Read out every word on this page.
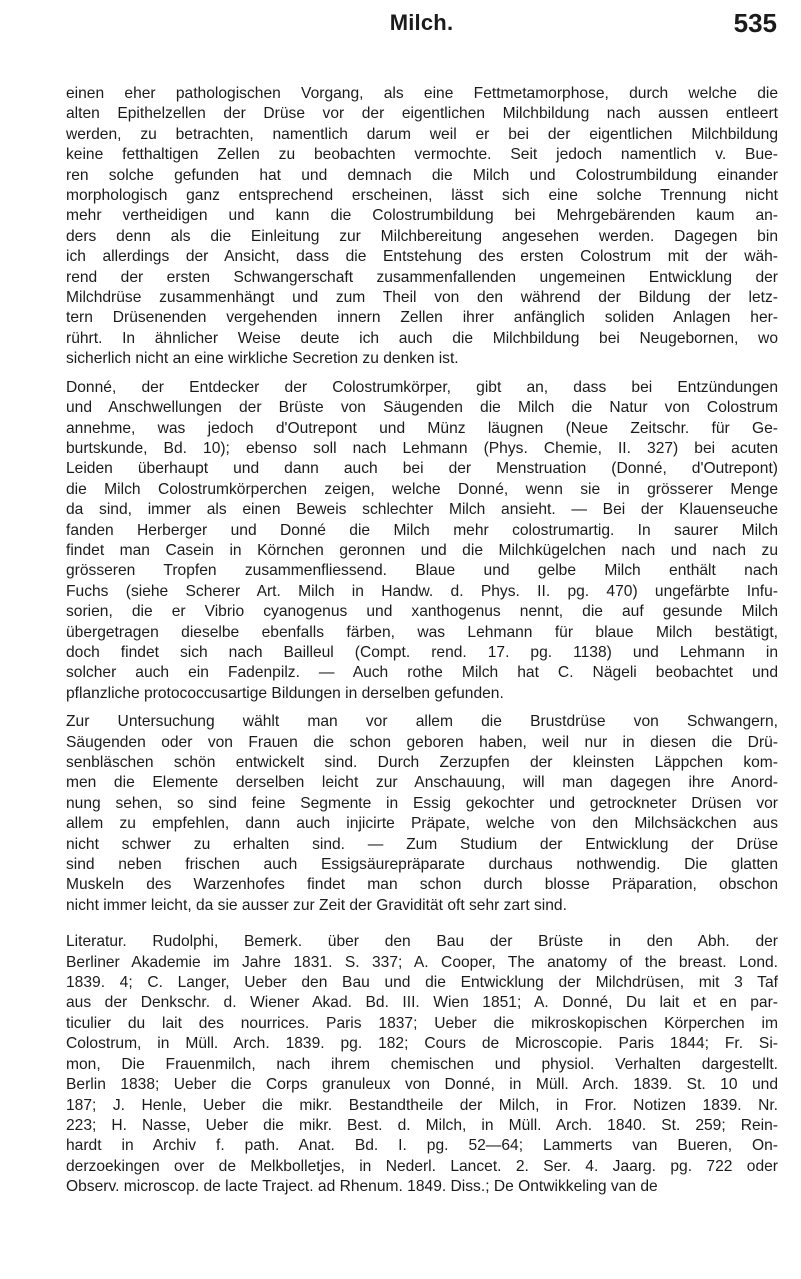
Milch.	535
einen eher pathologischen Vorgang, als eine Fettmetamorphose, durch welche die
alten Epithelzellen der Drüse vor der eigentlichen Milchbildung nach aussen entleert
werden, zu betrachten, namentlich darum weil er bei der eigentlichen Milchbildung
keine fetthaltigen Zellen zu beobachten vermochte. Seit jedoch namentlich v. Bue-
ren solche gefunden hat und demnach die Milch und Colostrumbildung einander
morphologisch ganz entsprechend erscheinen, lässt sich eine solche Trennung nicht
mehr vertheidigen und kann die Colostrumbildung bei Mehrgebärenden kaum an-
ders denn als die Einleitung zur Milchbereitung angesehen werden. Dagegen bin
ich allerdings der Ansicht, dass die Entstehung des ersten Colostrum mit der wäh-
rend der ersten Schwangerschaft zusammenfallenden ungemeinen Entwicklung der
Milchdrüse zusammenhängt und zum Theil von den während der Bildung der letz-
tern Drüsenenden vergehenden innern Zellen ihrer anfänglich soliden Anlagen her-
rührt. In ähnlicher Weise deute ich auch die Milchbildung bei Neugebornen, wo
sicherlich nicht an eine wirkliche Secretion zu denken ist.
Donné, der Entdecker der Colostrumkörper, gibt an, dass bei Entzündungen
und Anschwellungen der Brüste von Säugenden die Milch die Natur von Colostrum
annehme, was jedoch d'Outrepont und Münz läugnen (Neue Zeitschr. für Ge-
burtskunde, Bd. 10); ebenso soll nach Lehmann (Phys. Chemie, II. 327) bei acuten
Leiden überhaupt und dann auch bei der Menstruation (Donné, d'Outrepont)
die Milch Colostrumkörperchen zeigen, welche Donné, wenn sie in grösserer Menge
da sind, immer als einen Beweis schlechter Milch ansieht. — Bei der Klauenseuche
fanden Herberger und Donné die Milch mehr colostrumartig. In saurer Milch
findet man Casein in Körnchen geronnen und die Milchkügelchen nach und nach zu
grösseren Tropfen zusammenfliessend. Blaue und gelbe Milch enthält nach
Fuchs (siehe Scherer Art. Milch in Handw. d. Phys. II. pg. 470) ungefärbte Infu-
sorien, die er Vibrio cyanogenus und xanthogenus nennt, die auf gesunde Milch
übergetragen dieselbe ebenfalls färben, was Lehmann für blaue Milch bestätigt,
doch findet sich nach Bailleul (Compt. rend. 17. pg. 1138) und Lehmann in
solcher auch ein Fadenpilz. — Auch rothe Milch hat C. Nägeli beobachtet und
pflanzliche protococcusartige Bildungen in derselben gefunden.
Zur Untersuchung wählt man vor allem die Brustdrüse von Schwangern,
Säugenden oder von Frauen die schon geboren haben, weil nur in diesen die Drü-
senbläschen schön entwickelt sind. Durch Zerzupfen der kleinsten Läppchen kom-
men die Elemente derselben leicht zur Anschauung, will man dagegen ihre Anord-
nung sehen, so sind feine Segmente in Essig gekochter und getrockneter Drüsen vor
allem zu empfehlen, dann auch injicirte Präpate, welche von den Milchsäckchen aus
nicht schwer zu erhalten sind. — Zum Studium der Entwicklung der Drüse
sind neben frischen auch Essigsäurepräparate durchaus nothwendig. Die glatten
Muskeln des Warzenhofes findet man schon durch blosse Präparation, obschon
nicht immer leicht, da sie ausser zur Zeit der Gravidität oft sehr zart sind.
Literatur. Rudolphi, Bemerk. über den Bau der Brüste in den Abh. der
Berliner Akademie im Jahre 1831. S. 337; A. Cooper, The anatomy of the breast. Lond.
1839. 4; C. Langer, Ueber den Bau und die Entwicklung der Milchdrüsen, mit 3 Taf
aus der Denkschr. d. Wiener Akad. Bd. III. Wien 1851; A. Donné, Du lait et en par-
ticulier du lait des nourrices. Paris 1837; Ueber die mikroskopischen Körperchen im
Colostrum, in Müll. Arch. 1839. pg. 182; Cours de Microscopie. Paris 1844; Fr. Si-
mon, Die Frauenmilch, nach ihrem chemischen und physiol. Verhalten dargestellt.
Berlin 1838; Ueber die Corps granuleux von Donné, in Müll. Arch. 1839. St. 10 und
187; J. Henle, Ueber die mikr. Bestandtheile der Milch, in Fror. Notizen 1839. Nr.
223; H. Nasse, Ueber die mikr. Best. d. Milch, in Müll. Arch. 1840. St. 259; Rein-
hardt in Archiv f. path. Anat. Bd. I. pg. 52—64; Lammerts van Bueren, On-
derzoekingen over de Melkbolletjes, in Nederl. Lancet. 2. Ser. 4. Jaarg. pg. 722 oder
Observ. microscop. de lacte Traject. ad Rhenum. 1849. Diss.; De Ontwikkeling van de
